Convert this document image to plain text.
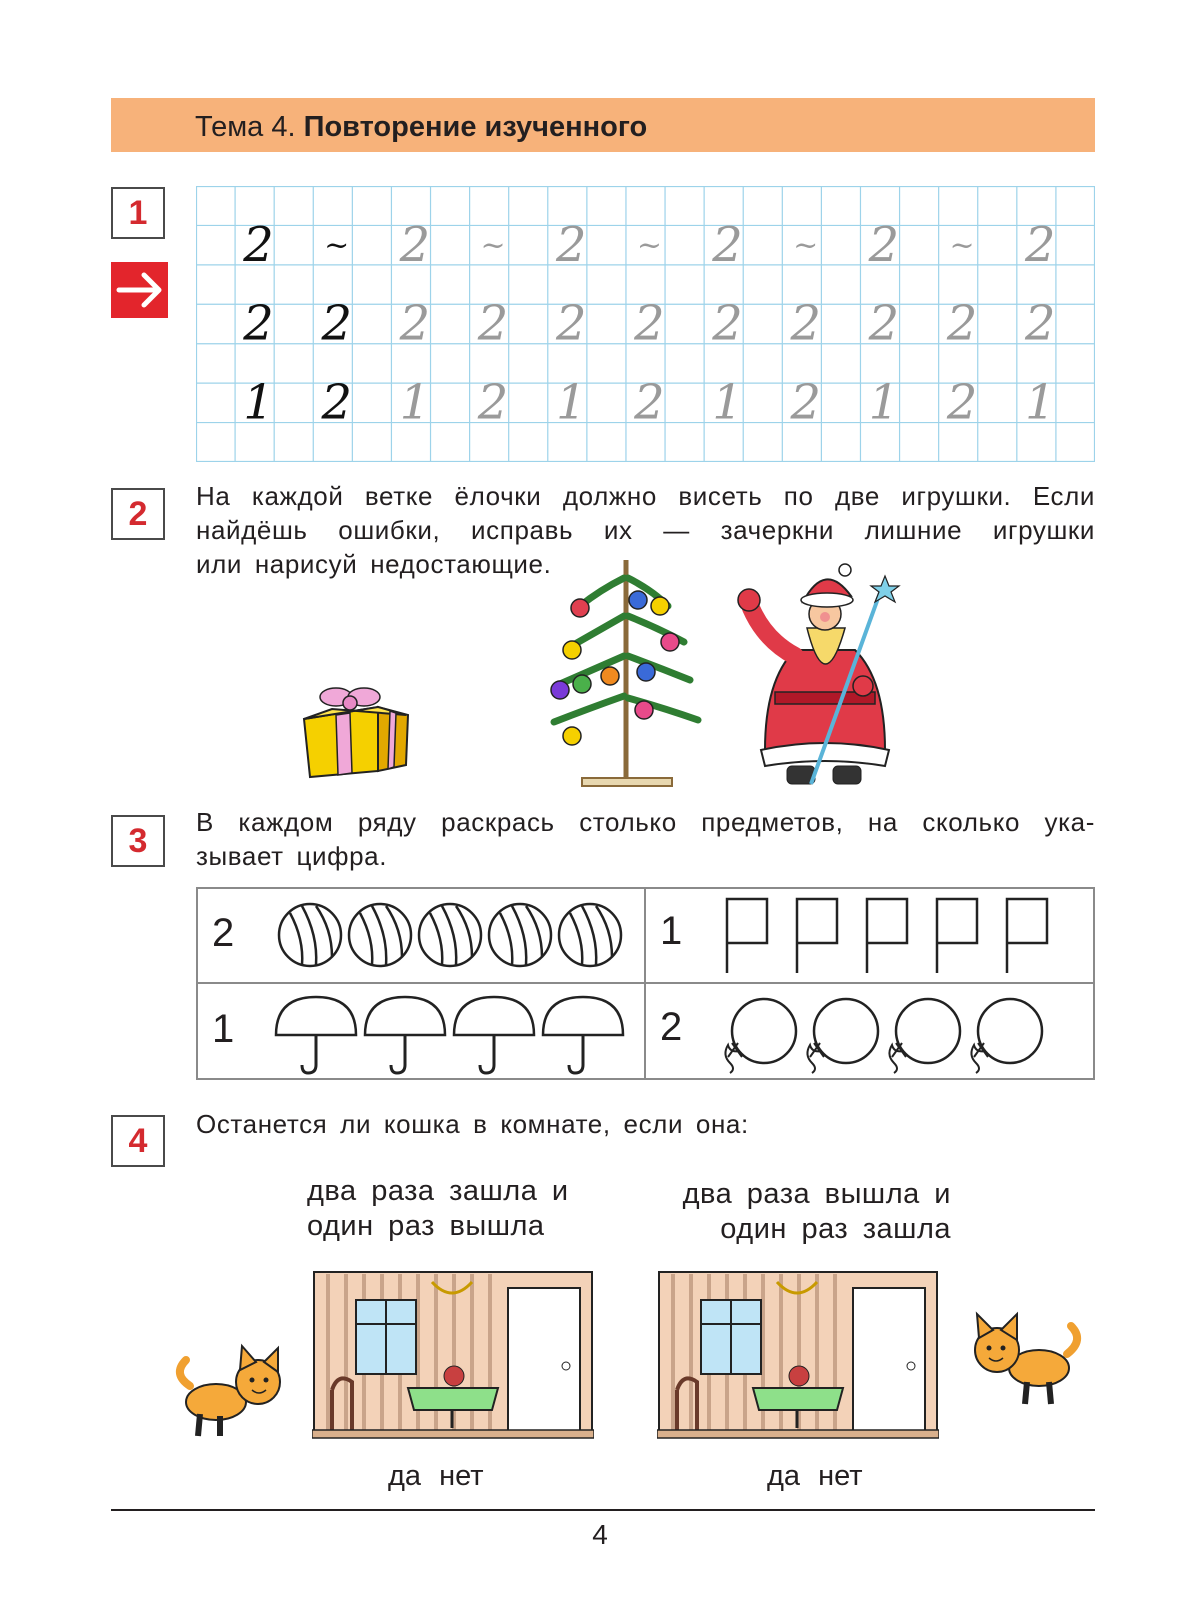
Тема 4. Повторение изученного
1
2 ~ 2 ~ 2 ~ 2 ~ 2 ~ 2
2 2 2 2 2 2 2 2 2 2 2
1 2 1 2 1 2 1 2 1 2 1
2	На каждой ветке ёлочки должно висеть по две игрушки. Если
найдёшь ошибки, исправь их — зачеркни лишние игрушки
или нарисуй недостающие.
3	В каждом ряду раскрась столько предметов, на сколько ука-
зывает цифра.
2	1
1	2
4	Останется ли кошка в комнате, если она:
два раза зашла и
один раз вышла
два раза вышла и
один раз зашла
да нет	да нет
4
